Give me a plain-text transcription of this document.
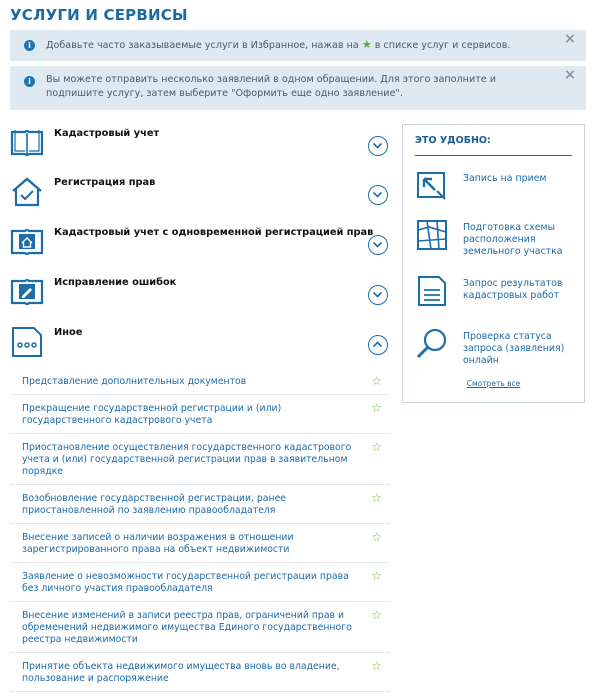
УСЛУГИ И СЕРВИСЫ
i	Добавьте часто заказываемые услуги в Избранное, нажав на ★ в списке услуг и сервисов.	×
i	Вы можете отправить несколько заявлений в одном обращении. Для этого заполните и подпишите услугу, затем выберите "Оформить еще одно заявление".
×
Кадастровый учет
Регистрация прав
Кадастровый учет с одновременной регистрацией прав
Исправление ошибок
Иное
Представление дополнительных документов	☆
Прекращение государственной регистрации и (или) государственного кадастрового учета
☆
Приостановление осуществления государственного кадастрового учета и (или) государственной регистрации прав в заявительном порядке
☆
Возобновление государственной регистрации, ранее приостановленной по заявлению правообладателя
☆
Внесение записей о наличии возражения в отношении зарегистрированного права на объект недвижимости
☆
Заявление о невозможности государственной регистрации права без личного участия правообладателя
☆
Внесение изменений в записи реестра прав, ограничений прав и обременений недвижимого имущества Единого государственного реестра недвижимости
☆
Принятие объекта недвижимого имущества вновь во владение, пользование и распоряжение
☆
ЭТО УДОБНО:
Запись на прием
Подготовка схемы расположения земельного участка
Запрос результатов кадастровых работ
Проверка статуса запроса (заявления) онлайн
Смотреть все
